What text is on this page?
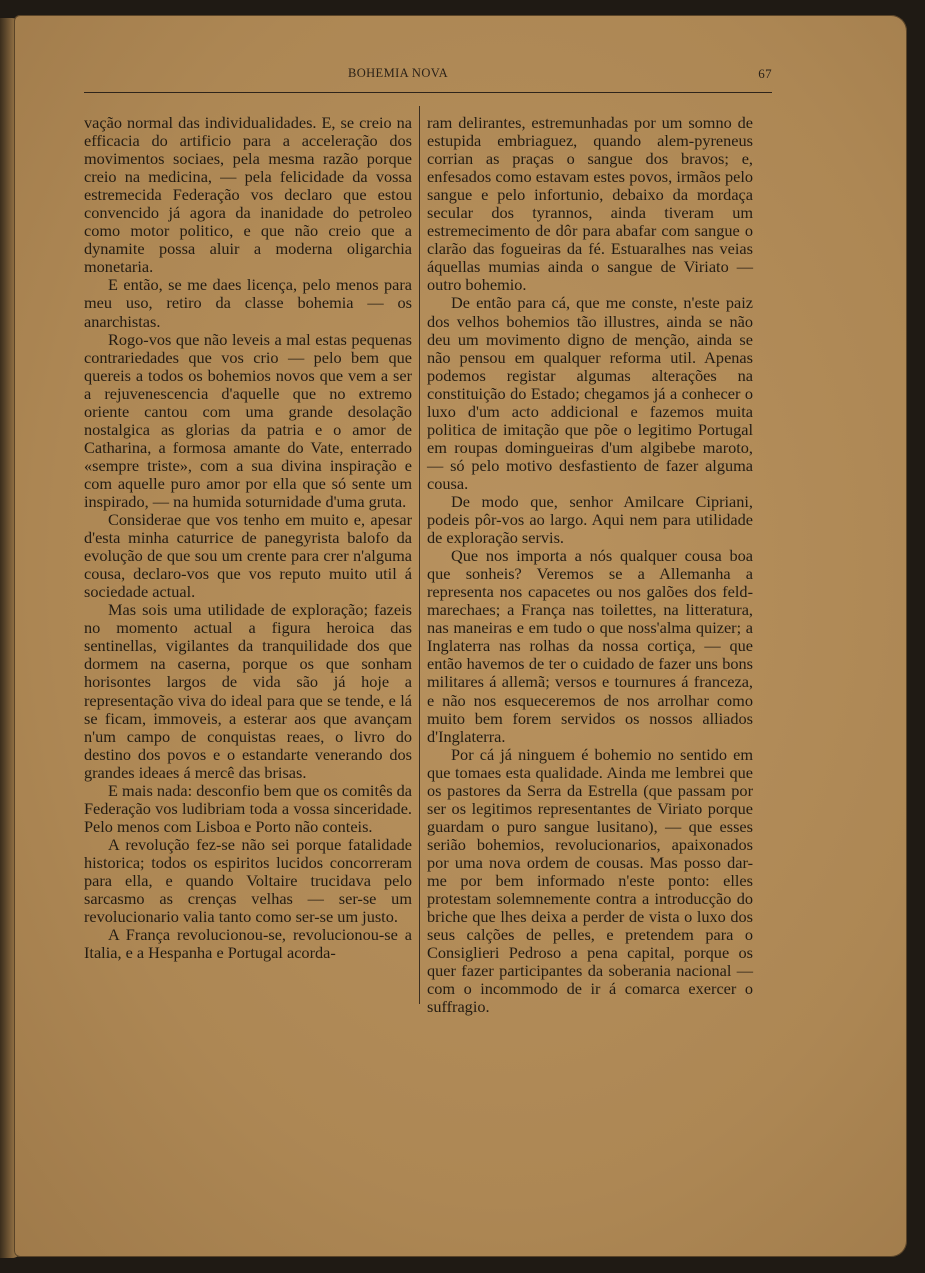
BOHEMIA NOVA	67

vação normal das individualidades. E, se creio na efficacia do artificio para a acceleração dos movimentos sociaes, pela mesma razão porque creio na medicina, — pela felicidade da vossa estremecida Federação vos declaro que estou convencido já agora da inanidade do petroleo como motor politico, e que não creio que a dynamite possa aluir a moderna oligarchia monetaria.

E então, se me daes licença, pelo menos para meu uso, retiro da classe bohemia — os anarchistas.

Rogo-vos que não leveis a mal estas pequenas contrariedades que vos crio — pelo bem que quereis a todos os bohemios novos que vem a ser a rejuvenescencia d'aquelle que no extremo oriente cantou com uma grande desolação nostalgica as glorias da patria e o amor de Catharina, a formosa amante do Vate, enterrado «sempre triste», com a sua divina inspiração e com aquelle puro amor por ella que só sente um inspirado, — na humida soturnidade d'uma gruta.

Considerae que vos tenho em muito e, apesar d'esta minha caturrice de panegyrista balofo da evolução de que sou um crente para crer n'alguma cousa, declaro-vos que vos reputo muito util á sociedade actual.

Mas sois uma utilidade de exploração; fazeis no momento actual a figura heroica das sentinellas, vigilantes da tranquilidade dos que dormem na caserna, porque os que sonham horisontes largos de vida são já hoje a representação viva do ideal para que se tende, e lá se ficam, immoveis, a esterar aos que avançam n'um campo de conquistas reaes, o livro do destino dos povos e o estandarte venerando dos grandes ideaes á mercê das brisas.

E mais nada: desconfio bem que os comitês da Federação vos ludibriam toda a vossa sinceridade. Pelo menos com Lisboa e Porto não conteis.

A revolução fez-se não sei porque fatalidade historica; todos os espiritos lucidos concorreram para ella, e quando Voltaire trucidava pelo sarcasmo as crenças velhas — ser-se um revolucionario valia tanto como ser-se um justo.

A França revolucionou-se, revolucionou-se a Italia, e a Hespanha e Portugal acorda-

ram delirantes, estremunhadas por um somno de estupida embriaguez, quando alem-pyreneus corrian as praças o sangue dos bravos; e, enfesados como estavam estes povos, irmãos pelo sangue e pelo infortunio, debaixo da mordaça secular dos tyrannos, ainda tiveram um estremecimento de dôr para abafar com sangue o clarão das fogueiras da fé. Estuaralhes nas veias áquellas mumias ainda o sangue de Viriato — outro bohemio.

De então para cá, que me conste, n'este paiz dos velhos bohemios tão illustres, ainda se não deu um movimento digno de menção, ainda se não pensou em qualquer reforma util. Apenas podemos registar algumas alterações na constituição do Estado; chegamos já a conhecer o luxo d'um acto addicional e fazemos muita politica de imitação que põe o legitimo Portugal em roupas domingueiras d'um algibebe maroto, — só pelo motivo desfastiento de fazer alguma cousa.

De modo que, senhor Amilcare Cipriani, podeis pôr-vos ao largo. Aqui nem para utilidade de exploração servis.

Que nos importa a nós qualquer cousa boa que sonheis? Veremos se a Allemanha a representa nos capacetes ou nos galões dos feld-marechaes; a França nas toilettes, na litteratura, nas maneiras e em tudo o que noss'alma quizer; a Inglaterra nas rolhas da nossa cortiça, — que então havemos de ter o cuidado de fazer uns bons militares á allemã; versos e tournures á franceza, e não nos esqueceremos de nos arrolhar como muito bem forem servidos os nossos alliados d'Inglaterra.

Por cá já ninguem é bohemio no sentido em que tomaes esta qualidade. Ainda me lembrei que os pastores da Serra da Estrella (que passam por ser os legitimos representantes de Viriato porque guardam o puro sangue lusitano), — que esses serião bohemios, revolucionarios, apaixonados por uma nova ordem de cousas. Mas posso dar-me por bem informado n'este ponto: elles protestam solemnemente contra a introducção do briche que lhes deixa a perder de vista o luxo dos seus calções de pelles, e pretendem para o Consiglieri Pedroso a pena capital, porque os quer fazer participantes da soberania nacional — com o incommodo de ir á comarca exercer o suffragio.
